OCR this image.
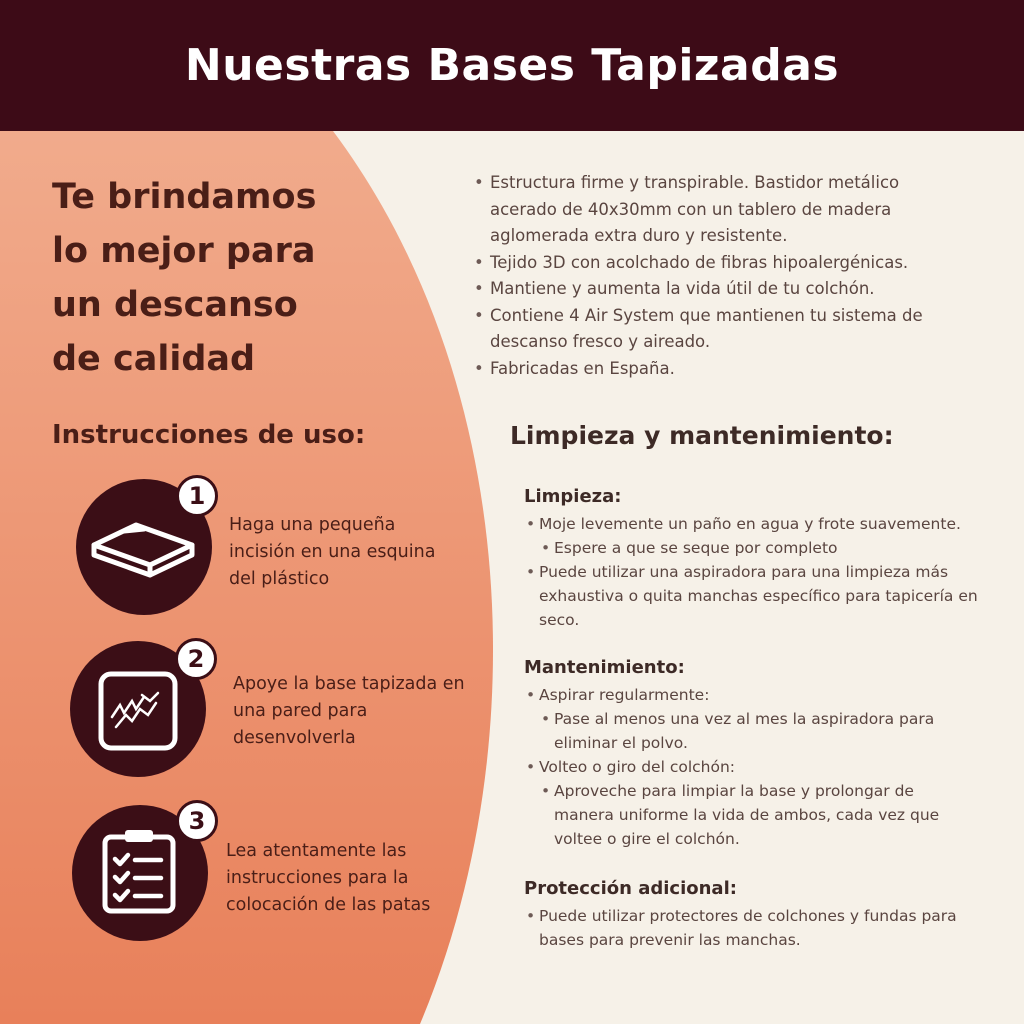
Nuestras Bases Tapizadas
Te brindamos
lo mejor para
un descanso
de calidad
• Estructura firme y transpirable. Bastidor metálico
acerado de 40x30mm con un tablero de madera
aglomerada extra duro y resistente.
• Tejido 3D con acolchado de fibras hipoalergénicas.
• Mantiene y aumenta la vida útil de tu colchón.
• Contiene 4 Air System que mantienen tu sistema de
descanso fresco y aireado.
• Fabricadas en España.
Instrucciones de uso:
1

Haga una pequeña
incisión en una esquina
del plástico

2

Apoye la base tapizada en
una pared para
desenvolverla

3

Lea atentamente las
instrucciones para la
colocación de las patas

Limpieza y mantenimiento:
Limpieza:
• Moje levemente un paño en agua y frote suavemente.
• Espere a que se seque por completo
• Puede utilizar una aspiradora para una limpieza más
exhaustiva o quita manchas específico para tapicería en
seco.
Mantenimiento:
• Aspirar regularmente:
• Pase al menos una vez al mes la aspiradora para
eliminar el polvo.
• Volteo o giro del colchón:
• Aproveche para limpiar la base y prolongar de
manera uniforme la vida de ambos, cada vez que
voltee o gire el colchón.
Protección adicional:
• Puede utilizar protectores de colchones y fundas para
bases para prevenir las manchas.
